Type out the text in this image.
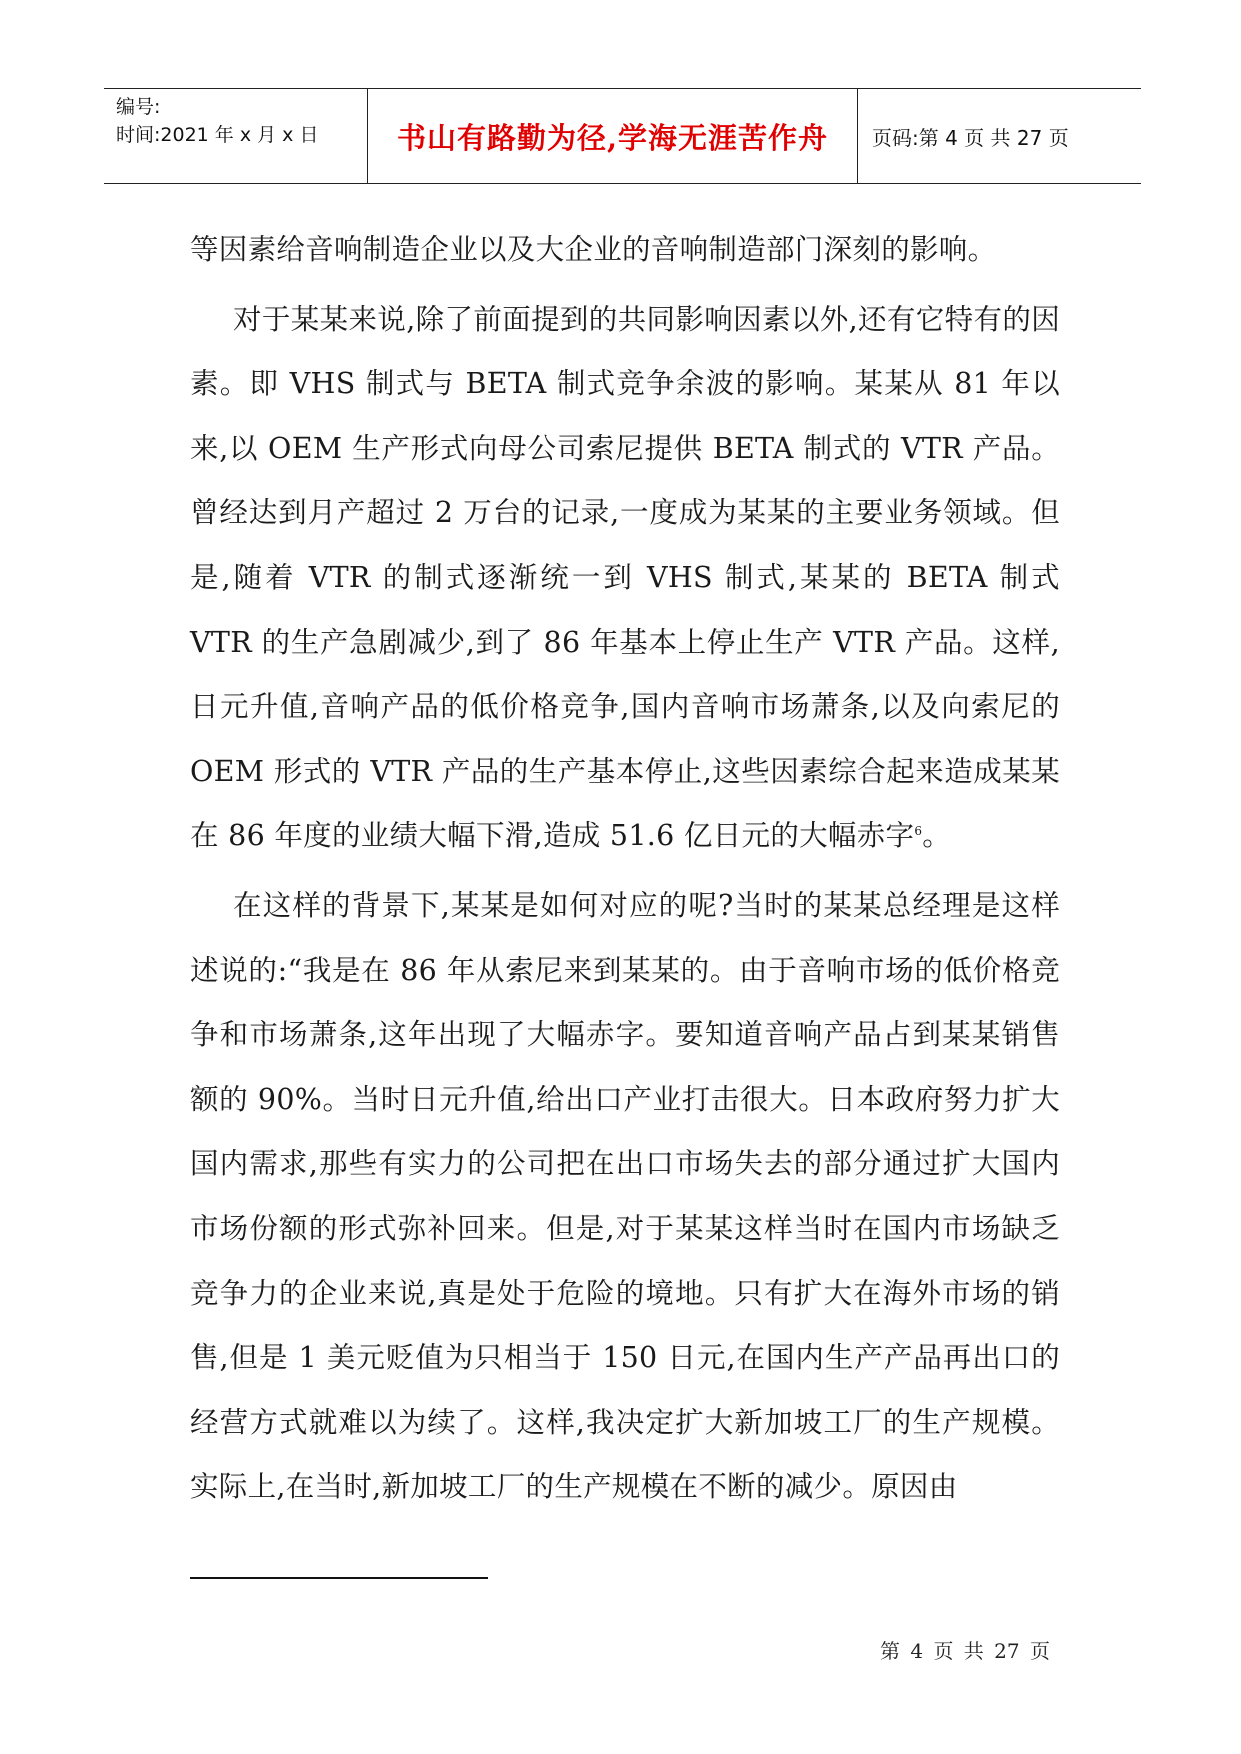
编号:
时间:2021 年 x 月 x 日	书山有路勤为径,学海无涯苦作舟 页码:第 4 页 共 27 页

等因素给音响制造企业以及大企业的音响制造部门深刻的影响。

对于某某来说,除了前面提到的共同影响因素以外,还有它特有的因素。即 VHS 制式与 BETA 制式竞争余波的影响。某某从 81 年以来,以 OEM 生产形式向母公司索尼提供 BETA 制式的 VTR 产品。曾经达到月产超过 2 万台的记录,一度成为某某的主要业务领域。但是,随着 VTR 的制式逐渐统一到 VHS 制式,某某的 BETA 制式 VTR 的生产急剧减少,到了 86 年基本上停止生产 VTR 产品。这样,日元升值,音响产品的低价格竞争,国内音响市场萧条,以及向索尼的 OEM 形式的 VTR 产品的生产基本停止,这些因素综合起来造成某某在 86 年度的业绩大幅下滑,造成 51.6 亿日元的大幅赤字$^6$。

在这样的背景下,某某是如何对应的呢?当时的某某总经理是这样述说的:“我是在 86 年从索尼来到某某的。由于音响市场的低价格竞争和市场萧条,这年出现了大幅赤字。要知道音响产品占到某某销售额的 90%。当时日元升值,给出口产业打击很大。日本政府努力扩大国内需求,那些有实力的公司把在出口市场失去的部分通过扩大国内市场份额的形式弥补回来。但是,对于某某这样当时在国内市场缺乏竞争力的企业来说,真是处于危险的境地。只有扩大在海外市场的销售,但是 1 美元贬值为只相当于 150 日元,在国内生产产品再出口的经营方式就难以为续了。这样,我决定扩大新加坡工厂的生产规模。实际上,在当时,新加坡工厂的生产规模在不断的减少。原因由

第 4 页 共 27 页
